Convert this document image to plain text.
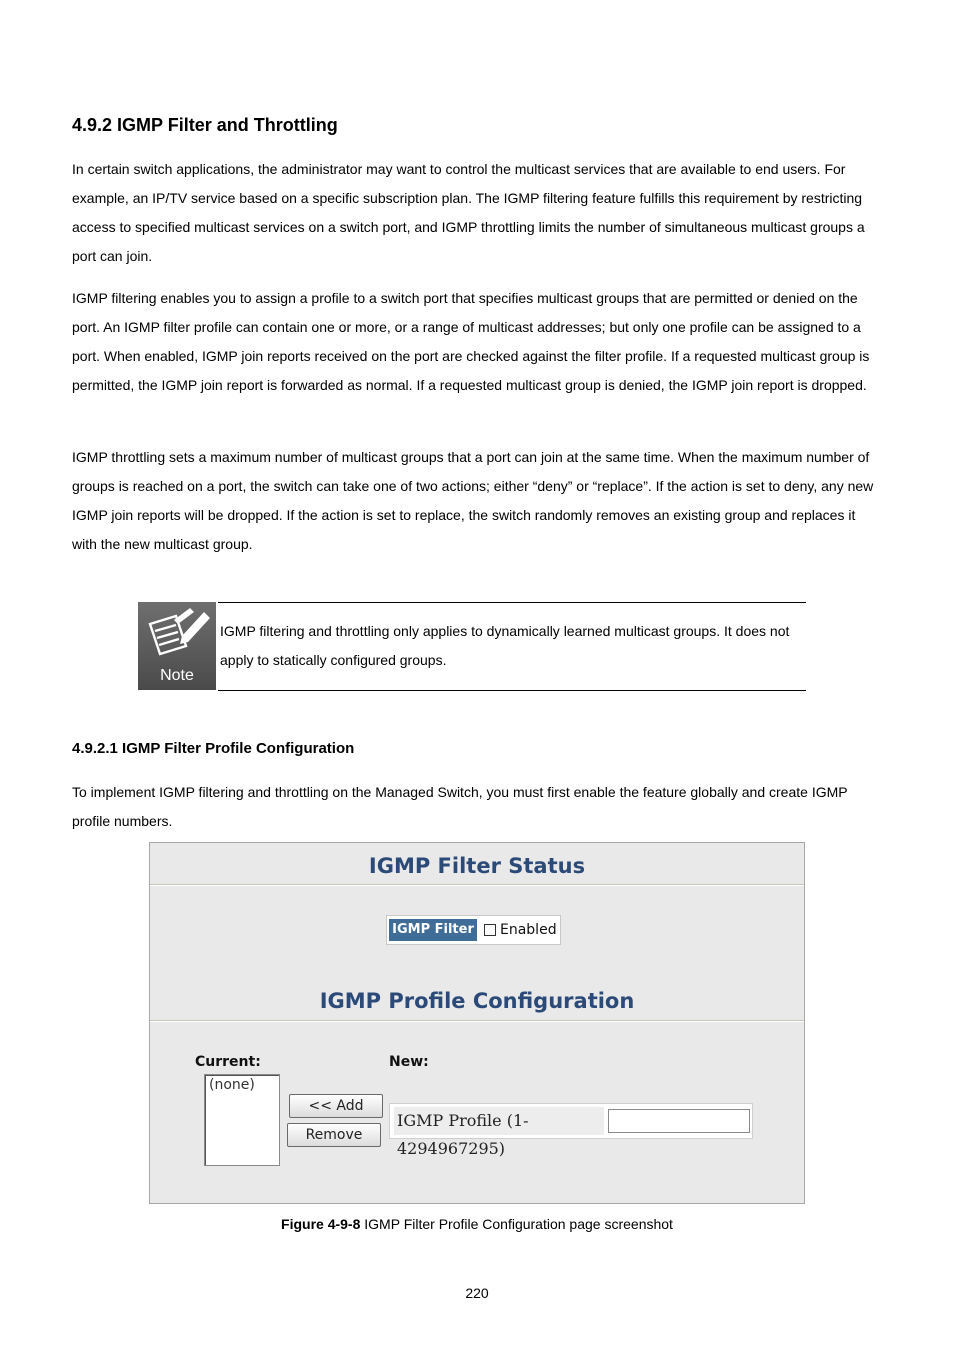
4.9.2 IGMP Filter and Throttling

In certain switch applications, the administrator may want to control the multicast services that are available to end users. For example, an IP/TV service based on a specific subscription plan. The IGMP filtering feature fulfills this requirement by restricting access to specified multicast services on a switch port, and IGMP throttling limits the number of simultaneous multicast groups a port can join.

IGMP filtering enables you to assign a profile to a switch port that specifies multicast groups that are permitted or denied on the port. An IGMP filter profile can contain one or more, or a range of multicast addresses; but only one profile can be assigned to a port. When enabled, IGMP join reports received on the port are checked against the filter profile. If a requested multicast group is permitted, the IGMP join report is forwarded as normal. If a requested multicast group is denied, the IGMP join report is dropped.

IGMP throttling sets a maximum number of multicast groups that a port can join at the same time. When the maximum number of groups is reached on a port, the switch can take one of two actions; either “deny” or “replace”. If the action is set to deny, any new IGMP join reports will be dropped. If the action is set to replace, the switch randomly removes an existing group and replaces it with the new multicast group.

Note

IGMP filtering and throttling only applies to dynamically learned multicast groups. It does not apply to statically configured groups.

4.9.2.1 IGMP Filter Profile Configuration

To implement IGMP filtering and throttling on the Managed Switch, you must first enable the feature globally and create IGMP profile numbers.

IGMP Filter Status
IGMP Filter Enabled
IGMP Profile Configuration
Current:	New:
(none)
<< Add
Remove
IGMP Profile (1-4294967295)

Figure 4-9-8 IGMP Filter Profile Configuration page screenshot

220
